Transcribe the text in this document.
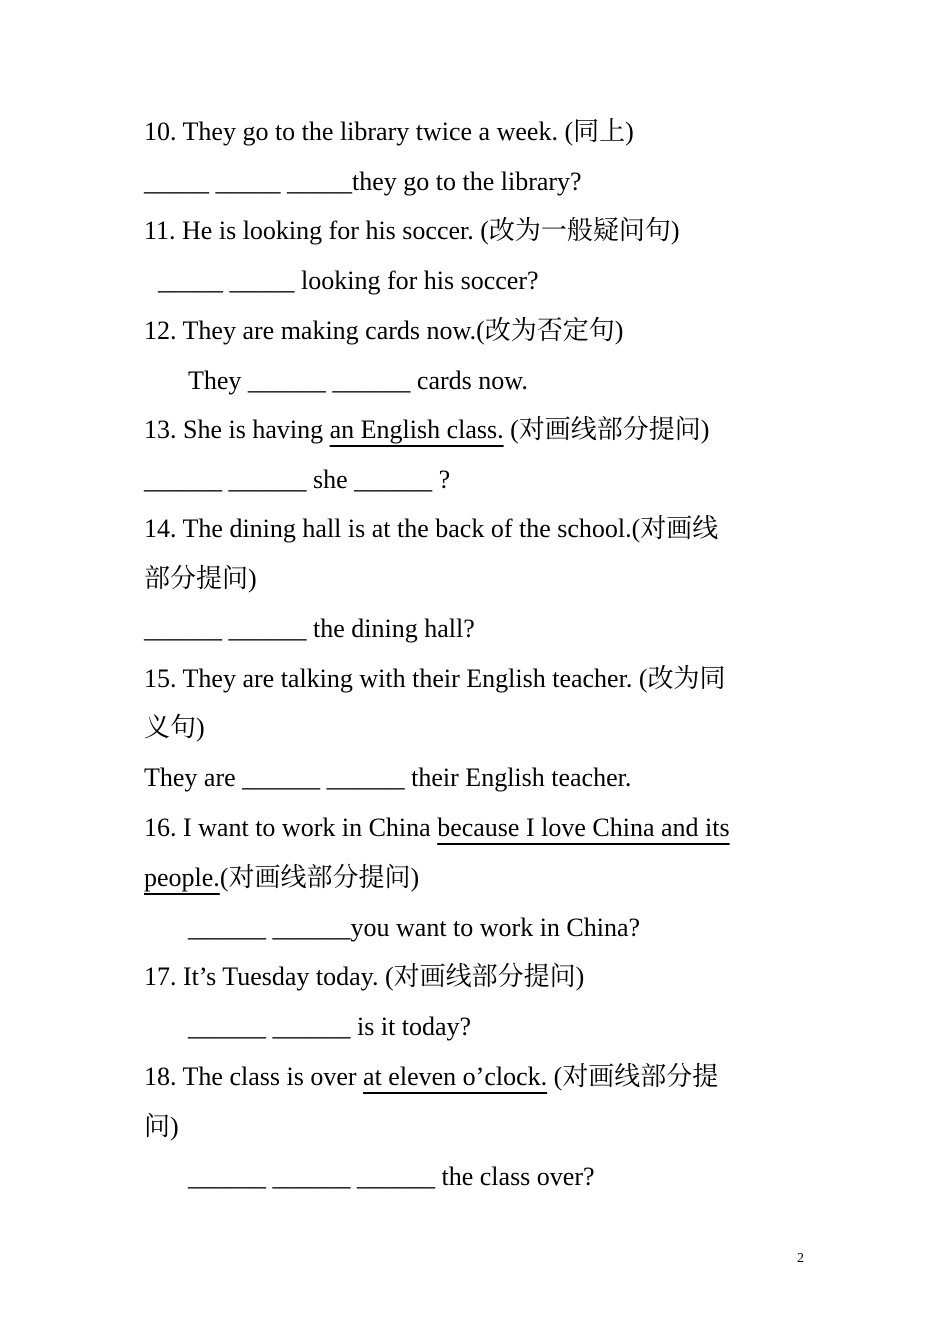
10. They go to the library twice a week. (同上)
_____ _____ _____they go to the library?
11. He is looking for his soccer. (改为一般疑问句)
_____ _____ looking for his soccer?
12. They are making cards now.(改为否定句)
They ______ ______ cards now.
13. She is having an English class. (对画线部分提问)
______ ______ she ______ ?
14. The dining hall is at the back of the school.(对画线
部分提问)
______ ______ the dining hall?
15. They are talking with their English teacher. (改为同
义句)
They are ______ ______ their English teacher.
16. I want to work in China because I love China and its
people.(对画线部分提问)
______ ______you want to work in China?
17. It’s Tuesday today. (对画线部分提问)
______ ______ is it today?
18. The class is over at eleven o’clock. (对画线部分提
问)
______ ______ ______ the class over?
2
